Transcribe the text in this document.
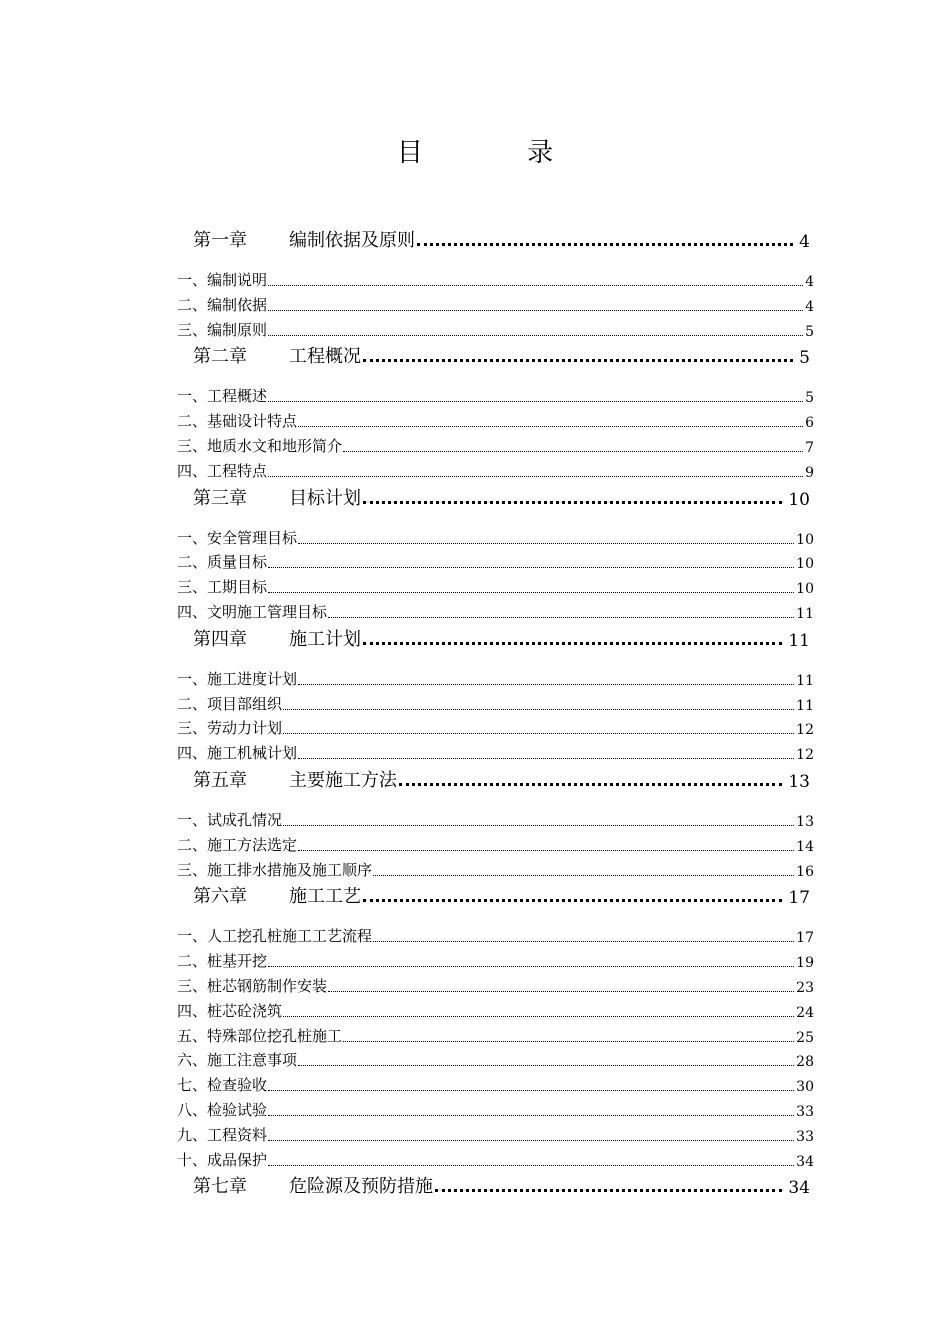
目 录
第一章	编制依据及原则	4
一、编制说明	4
二、编制依据	4
三、编制原则	5
第二章	工程概况	5
一、工程概述	5
二、基础设计特点	6
三、地质水文和地形简介	7
四、工程特点	9
第三章	目标计划	10
一、安全管理目标	10
二、质量目标	10
三、工期目标	10
四、文明施工管理目标	11
第四章	施工计划	11
一、施工进度计划	11
二、项目部组织	11
三、劳动力计划	12
四、施工机械计划	12
第五章	主要施工方法	13
一、试成孔情况	13
二、施工方法选定	14
三、施工排水措施及施工顺序	16
第六章	施工工艺	17
一、人工挖孔桩施工工艺流程	17
二、桩基开挖	19
三、桩芯钢筋制作安装	23
四、桩芯砼浇筑	24
五、特殊部位挖孔桩施工	25
六、施工注意事项	28
七、检查验收	30
八、检验试验	33
九、工程资料	33
十、成品保护	34
第七章	危险源及预防措施	34
